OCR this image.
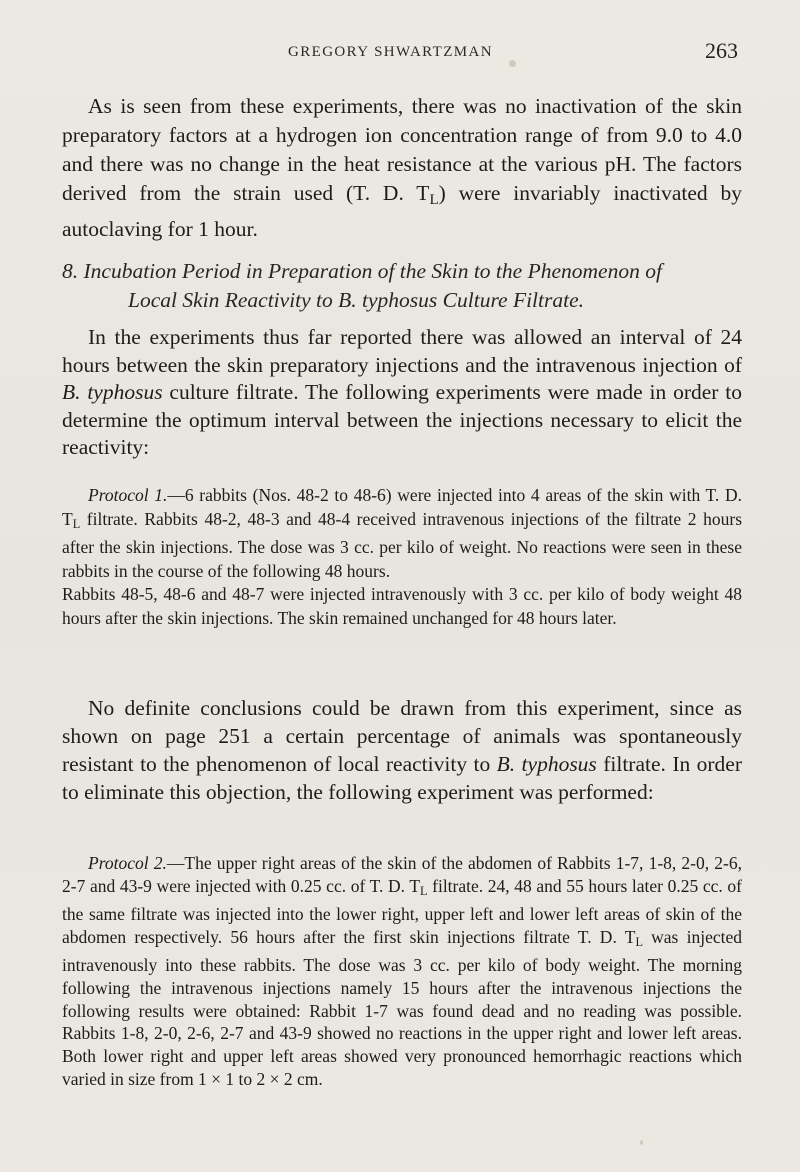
GREGORY SHWARTZMAN	263

As is seen from these experiments, there was no inactivation of the skin preparatory factors at a hydrogen ion concentration range of from 9.0 to 4.0 and there was no change in the heat resistance at the various pH. The factors derived from the strain used (T. D. $T_L$) were invariably inactivated by autoclaving for 1 hour.

8. Incubation Period in Preparation of the Skin to the Phenomenon of
Local Skin Reactivity to B. typhosus Culture Filtrate.

In the experiments thus far reported there was allowed an interval of 24 hours between the skin preparatory injections and the intravenous injection of B. typhosus culture filtrate. The following experiments were made in order to determine the optimum interval between the injections necessary to elicit the reactivity:

Protocol 1.—6 rabbits (Nos. 48-2 to 48-6) were injected into 4 areas of the skin with T. D. $T_L$ filtrate. Rabbits 48-2, 48-3 and 48-4 received intravenous injections of the filtrate 2 hours after the skin injections. The dose was 3 cc. per kilo of weight. No reactions were seen in these rabbits in the course of the following 48 hours.

Rabbits 48-5, 48-6 and 48-7 were injected intravenously with 3 cc. per kilo of body weight 48 hours after the skin injections. The skin remained unchanged for 48 hours later.

No definite conclusions could be drawn from this experiment, since as shown on page 251 a certain percentage of animals was spontaneously resistant to the phenomenon of local reactivity to B. typhosus filtrate. In order to eliminate this objection, the following experiment was performed:

Protocol 2.—The upper right areas of the skin of the abdomen of Rabbits 1-7, 1-8, 2-0, 2-6, 2-7 and 43-9 were injected with 0.25 cc. of T. D. $T_L$ filtrate. 24, 48 and 55 hours later 0.25 cc. of the same filtrate was injected into the lower right, upper left and lower left areas of skin of the abdomen respectively. 56 hours after the first skin injections filtrate T. D. $T_L$ was injected intravenously into these rabbits. The dose was 3 cc. per kilo of body weight. The morning following the intravenous injections namely 15 hours after the intravenous injections the following results were obtained: Rabbit 1-7 was found dead and no reading was possible. Rabbits 1-8, 2-0, 2-6, 2-7 and 43-9 showed no reactions in the upper right and lower left areas. Both lower right and upper left areas showed very pronounced hemorrhagic reactions which varied in size from 1 × 1 to 2 × 2 cm.
